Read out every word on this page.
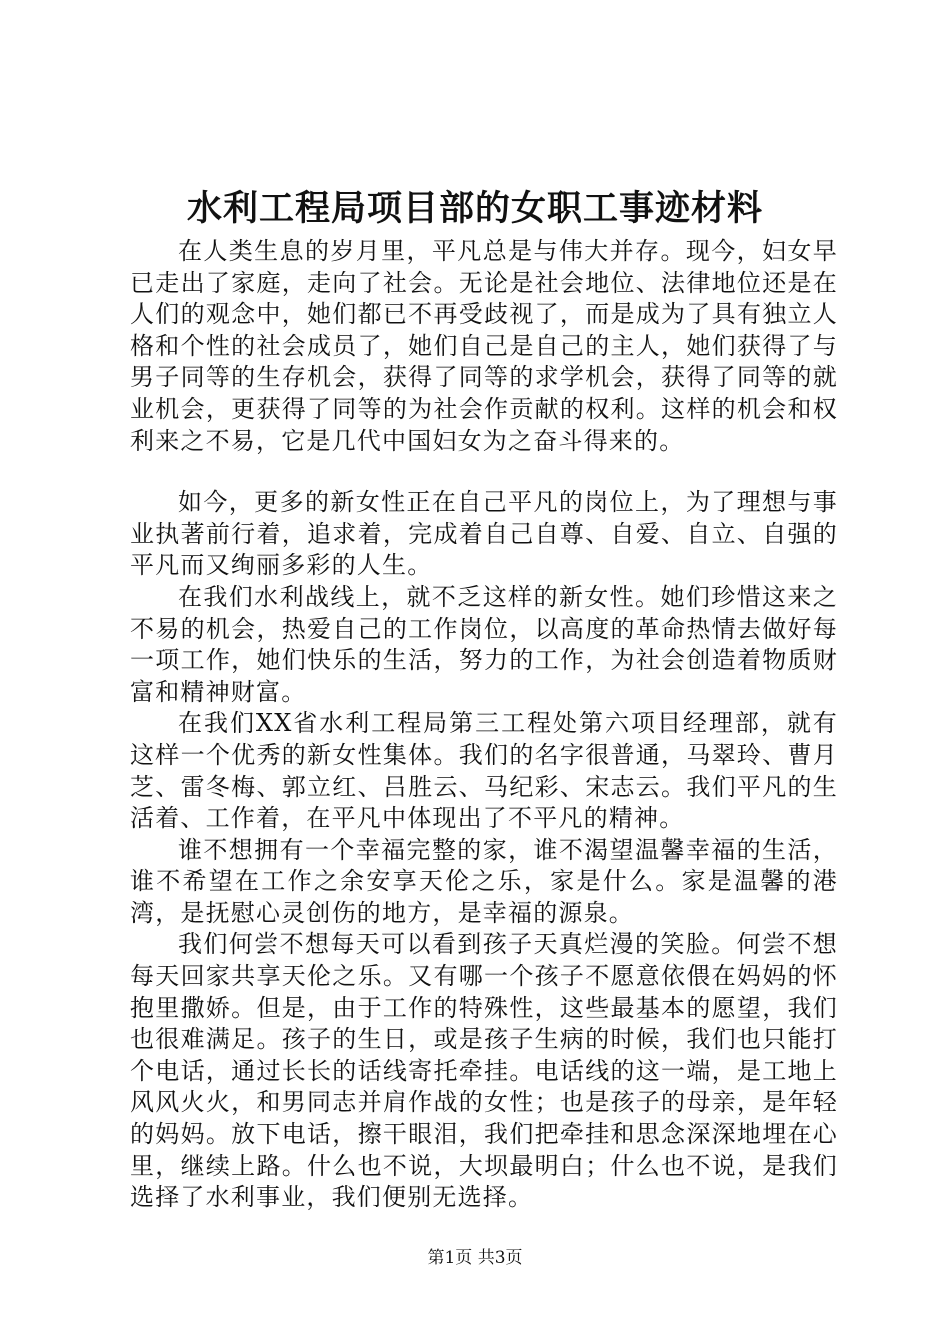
水利工程局项目部的女职工事迹材料

在人类生息的岁月里，平凡总是与伟大并存。现今，妇女早已走出了家庭，走向了社会。无论是社会地位、法律地位还是在人们的观念中，她们都已不再受歧视了，而是成为了具有独立人格和个性的社会成员了，她们自己是自己的主人，她们获得了与男子同等的生存机会，获得了同等的求学机会，获得了同等的就业机会，更获得了同等的为社会作贡献的权利。这样的机会和权利来之不易，它是几代中国妇女为之奋斗得来的。

如今，更多的新女性正在自己平凡的岗位上，为了理想与事业执著前行着，追求着，完成着自己自尊、自爱、自立、自强的平凡而又绚丽多彩的人生。

在我们水利战线上，就不乏这样的新女性。她们珍惜这来之不易的机会，热爱自己的工作岗位，以高度的革命热情去做好每一项工作，她们快乐的生活，努力的工作，为社会创造着物质财富和精神财富。

在我们XX省水利工程局第三工程处第六项目经理部，就有这样一个优秀的新女性集体。我们的名字很普通，马翠玲、曹月芝、雷冬梅、郭立红、吕胜云、马纪彩、宋志云。我们平凡的生活着、工作着，在平凡中体现出了不平凡的精神。

谁不想拥有一个幸福完整的家，谁不渴望温馨幸福的生活，谁不希望在工作之余安享天伦之乐，家是什么。家是温馨的港湾，是抚慰心灵创伤的地方，是幸福的源泉。

我们何尝不想每天可以看到孩子天真烂漫的笑脸。何尝不想每天回家共享天伦之乐。又有哪一个孩子不愿意依偎在妈妈的怀抱里撒娇。但是，由于工作的特殊性，这些最基本的愿望，我们也很难满足。孩子的生日，或是孩子生病的时候，我们也只能打个电话，通过长长的话线寄托牵挂。电话线的这一端，是工地上风风火火，和男同志并肩作战的女性；也是孩子的母亲，是年轻的妈妈。放下电话，擦干眼泪，我们把牵挂和思念深深地埋在心里，继续上路。什么也不说，大坝最明白；什么也不说，是我们选择了水利事业，我们便别无选择。

第1页 共3页
